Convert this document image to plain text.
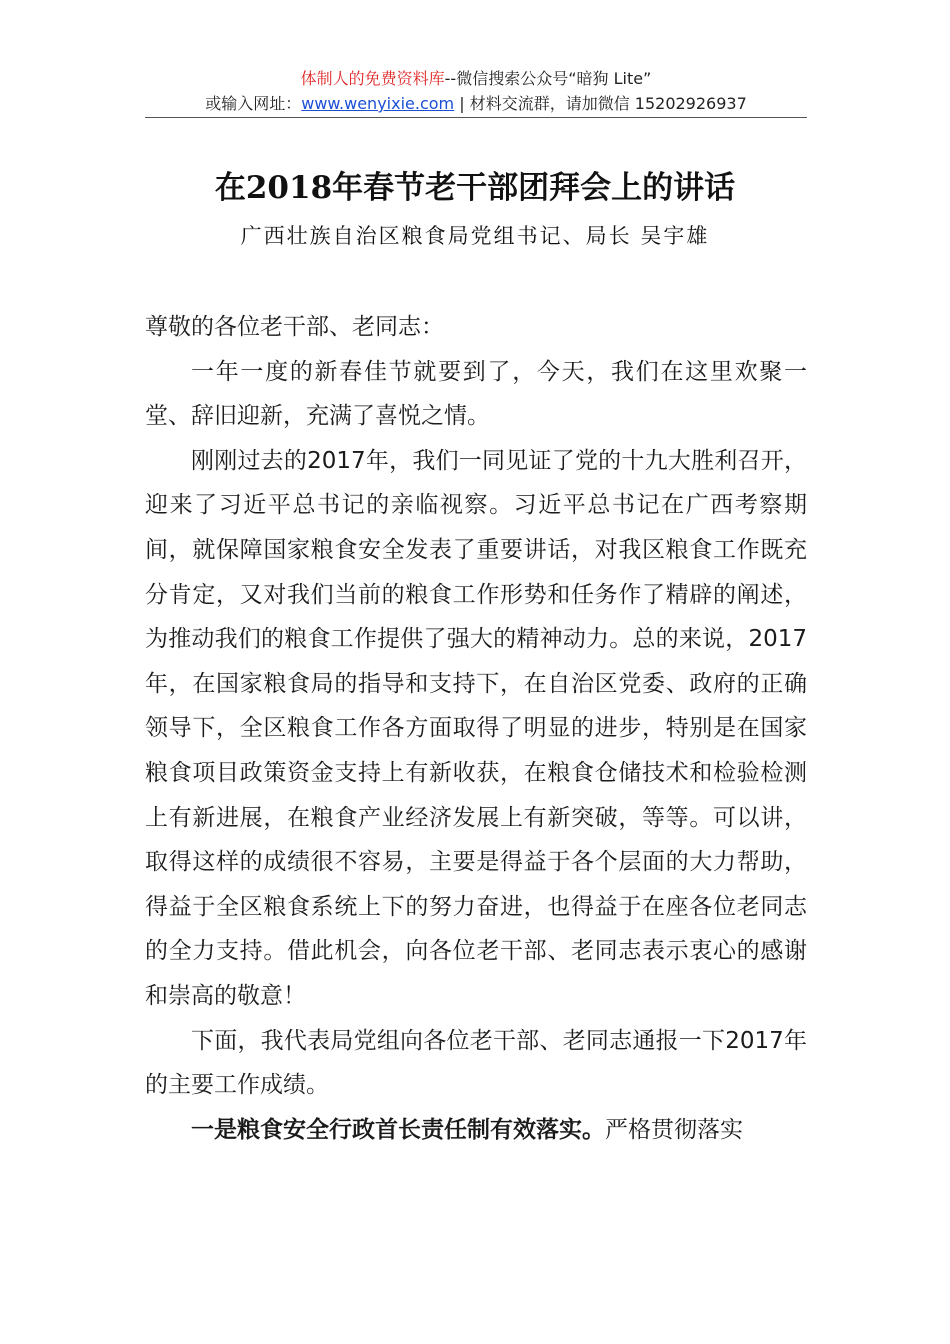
体制人的免费资料库--微信搜索公众号“暗狗 Lite”
或输入网址：www.wenyixie.com | 材料交流群，请加微信 15202926937
在2018年春节老干部团拜会上的讲话
广西壮族自治区粮食局党组书记、局长 吴宇雄

尊敬的各位老干部、老同志：

一年一度的新春佳节就要到了，今天，我们在这里欢聚一堂、辞旧迎新，充满了喜悦之情。

刚刚过去的2017年，我们一同见证了党的十九大胜利召开，迎来了习近平总书记的亲临视察。习近平总书记在广西考察期间，就保障国家粮食安全发表了重要讲话，对我区粮食工作既充分肯定，又对我们当前的粮食工作形势和任务作了精辟的阐述，为推动我们的粮食工作提供了强大的精神动力。总的来说，2017年，在国家粮食局的指导和支持下，在自治区党委、政府的正确领导下，全区粮食工作各方面取得了明显的进步，特别是在国家粮食项目政策资金支持上有新收获，在粮食仓储技术和检验检测上有新进展，在粮食产业经济发展上有新突破，等等。可以讲，取得这样的成绩很不容易，主要是得益于各个层面的大力帮助，得益于全区粮食系统上下的努力奋进，也得益于在座各位老同志的全力支持。借此机会，向各位老干部、老同志表示衷心的感谢和崇高的敬意！

下面，我代表局党组向各位老干部、老同志通报一下2017年的主要工作成绩。

一是粮食安全行政首长责任制有效落实。严格贯彻落实
